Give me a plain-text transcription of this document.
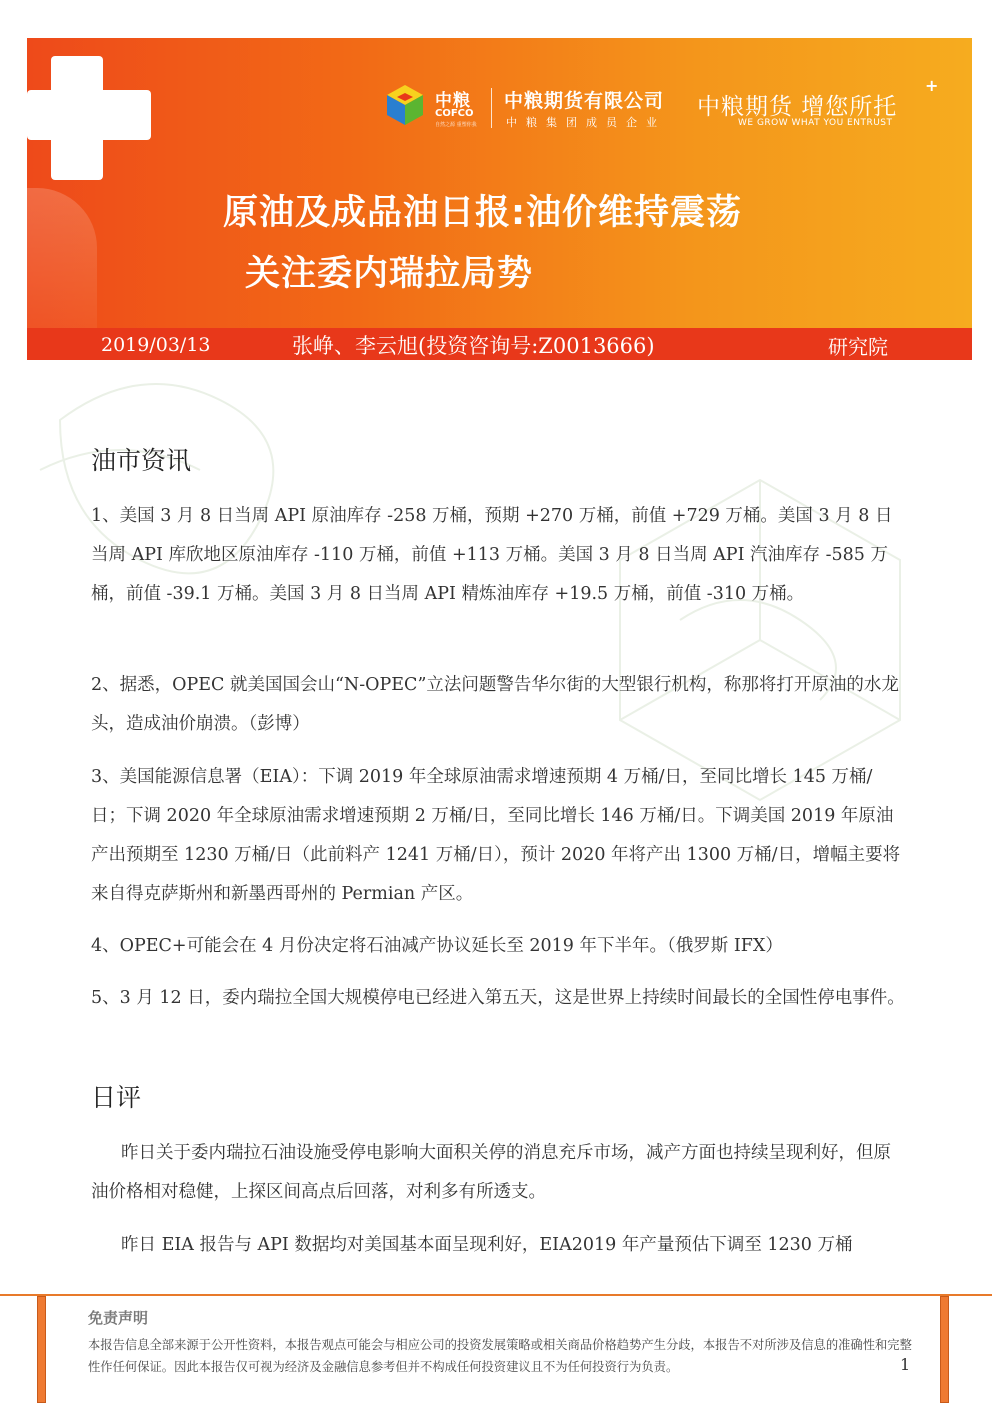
中粮
COFCO
自然之源 重塑你我
中粮期货有限公司
中粮集团成员企业
中粮期货 增您所托
+
WE GROW WHAT YOU ENTRUST
原油及成品油日报:油价维持震荡
关注委内瑞拉局势
2019/03/13	张峥、李云旭(投资咨询号:Z0013666)	研究院
油市资讯

1、美国 3 月 8 日当周 API 原油库存 -258 万桶，预期 +270 万桶，前值 +729 万桶。美国 3 月 8 日当周 API 库欣地区原油库存 -110 万桶，前值 +113 万桶。美国 3 月 8 日当周 API 汽油库存 -585 万桶，前值 -39.1 万桶。美国 3 月 8 日当周 API 精炼油库存 +19.5 万桶，前值 -310 万桶。

2、据悉，OPEC 就美国国会山“N-OPEC”立法问题警告华尔街的大型银行机构，称那将打开原油的水龙头，造成油价崩溃。（彭博）

3、美国能源信息署（EIA）：下调 2019 年全球原油需求增速预期 4 万桶/日，至同比增长 145 万桶/日；下调 2020 年全球原油需求增速预期 2 万桶/日，至同比增长 146 万桶/日。下调美国 2019 年原油产出预期至 1230 万桶/日（此前料产 1241 万桶/日），预计 2020 年将产出 1300 万桶/日，增幅主要将来自得克萨斯州和新墨西哥州的 Permian 产区。

4、OPEC+可能会在 4 月份决定将石油减产协议延长至 2019 年下半年。（俄罗斯 IFX）

5、3 月 12 日，委内瑞拉全国大规模停电已经进入第五天，这是世界上持续时间最长的全国性停电事件。

日评

昨日关于委内瑞拉石油设施受停电影响大面积关停的消息充斥市场，减产方面也持续呈现利好，但原油价格相对稳健，上探区间高点后回落，对利多有所透支。

昨日 EIA 报告与 API 数据均对美国基本面呈现利好，EIA2019 年产量预估下调至 1230 万桶

免责声明

本报告信息全部来源于公开性资料，本报告观点可能会与相应公司的投资发展策略或相关商品价格趋势产生分歧，本报告不对所涉及信息的准确性和完整性作任何保证。因此本报告仅可视为经济及金融信息参考但并不构成任何投资建议且不为任何投资行为负责。	1
